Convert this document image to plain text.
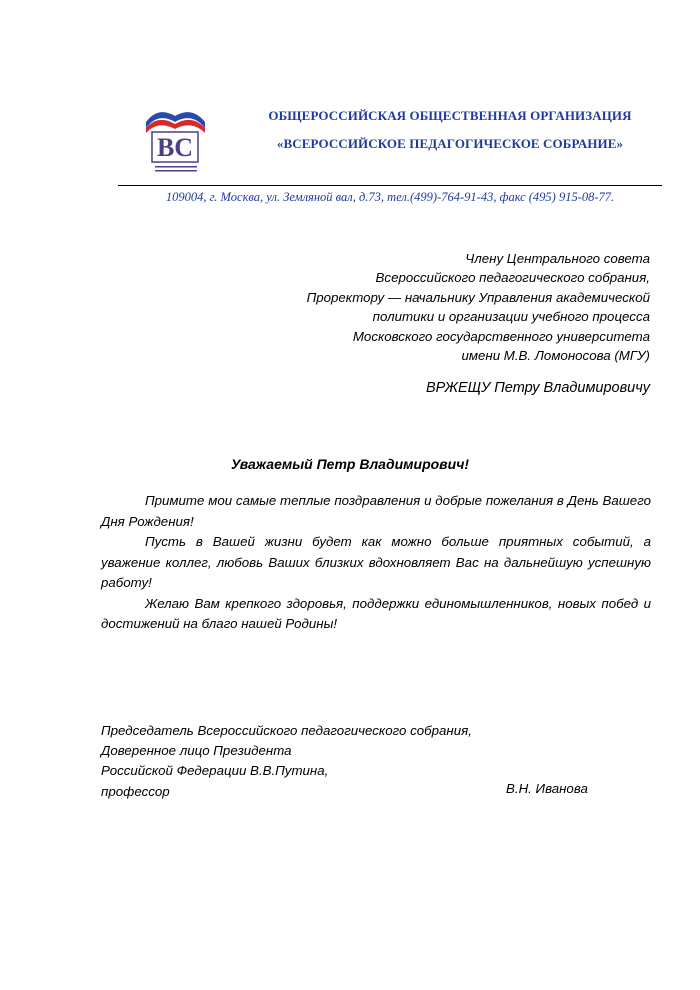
ВС
ОБЩЕРОССИЙСКАЯ ОБЩЕСТВЕННАЯ ОРГАНИЗАЦИЯ
«ВСЕРОССИЙСКОЕ ПЕДАГОГИЧЕСКОЕ СОБРАНИЕ»
109004, г. Москва, ул. Земляной вал, д.73, тел.(499)-764-91-43, факс (495) 915-08-77.
Члену Центрального совета
Всероссийского педагогического собрания,
Проректору — начальнику Управления академической
политики и организации учебного процесса
Московского государственного университета
имени М.В. Ломоносова (МГУ)
ВРЖЕЩУ Петру Владимировичу
Уважаемый Петр Владимирович!

Примите мои самые теплые поздравления и добрые пожелания в День Вашего Дня Рождения!

Пусть в Вашей жизни будет как можно больше приятных событий, а уважение коллег, любовь Ваших близких вдохновляет Вас на дальнейшую успешную работу!

Желаю Вам крепкого здоровья, поддержки единомышленников, новых побед и достижений на благо нашей Родины!

Председатель Всероссийского педагогического собрания,
Доверенное лицо Президента
Российской Федерации В.В.Путина,
профессор	В.Н. Иванова
